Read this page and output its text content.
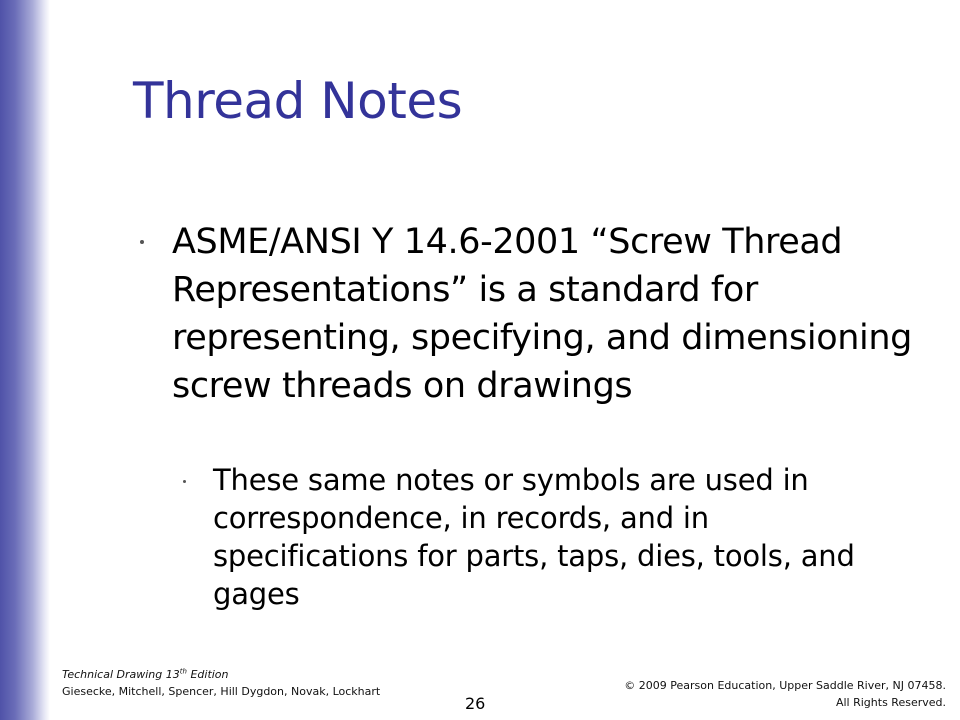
Thread Notes
ASME/ANSI Y 14.6-2001 “Screw Thread Representations” is a standard for representing, specifying, and dimensioning screw threads on drawings
These same notes or symbols are used in correspondence, in records, and in specifications for parts, taps, dies, tools, and gages
Technical Drawing 13th Edition
Giesecke, Mitchell, Spencer, Hill Dygdon, Novak, Lockhart
26
© 2009 Pearson Education, Upper Saddle River, NJ 07458.
All Rights Reserved.
